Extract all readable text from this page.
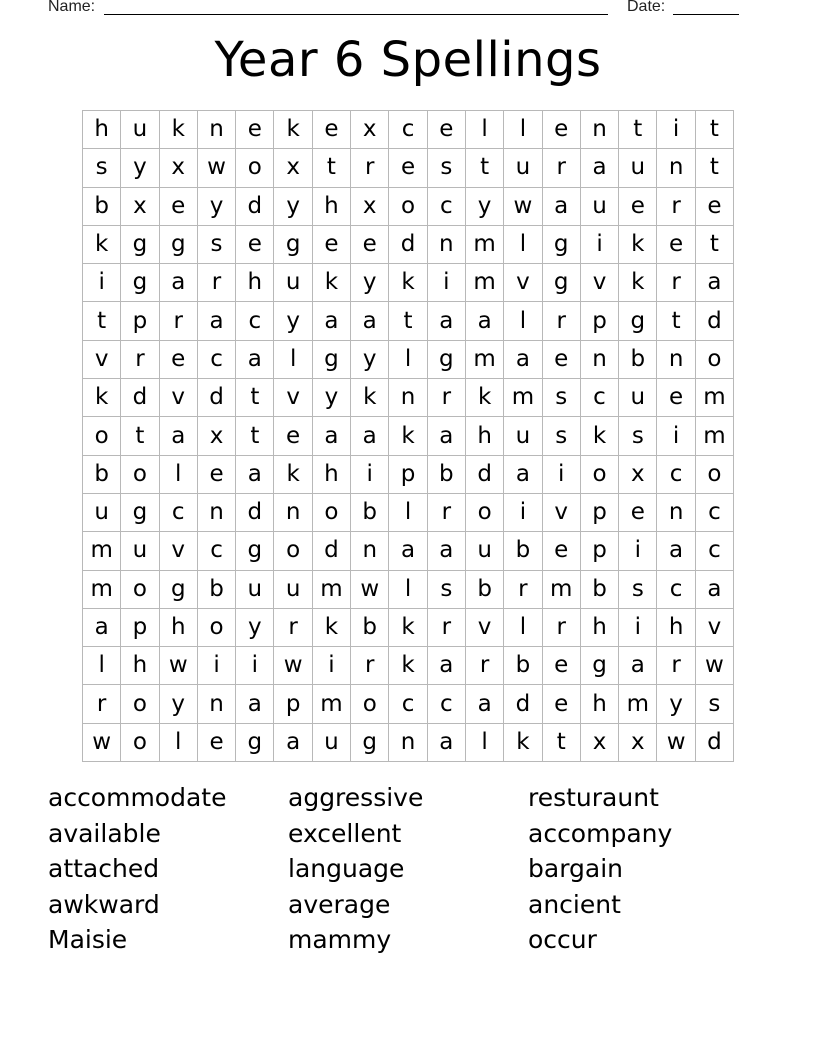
Name:	Date:
Year 6 Spellings
h	u	k	n	e	k	e	x	c	e	l	l	e	n	t	i	t
s	y	x	w	o	x	t	r	e	s	t	u	r	a	u	n	t
b	x	e	y	d	y	h	x	o	c	y	w	a	u	e	r	e
k	g	g	s	e	g	e	e	d	n	m	l	g	i	k	e	t
i	g	a	r	h	u	k	y	k	i	m	v	g	v	k	r	a
t	p	r	a	c	y	a	a	t	a	a	l	r	p	g	t	d
v	r	e	c	a	l	g	y	l	g	m	a	e	n	b	n	o
k	d	v	d	t	v	y	k	n	r	k	m	s	c	u	e	m
o	t	a	x	t	e	a	a	k	a	h	u	s	k	s	i	m
b	o	l	e	a	k	h	i	p	b	d	a	i	o	x	c	o
u	g	c	n	d	n	o	b	l	r	o	i	v	p	e	n	c
m	u	v	c	g	o	d	n	a	a	u	b	e	p	i	a	c
m	o	g	b	u	u	m	w	l	s	b	r	m	b	s	c	a
a	p	h	o	y	r	k	b	k	r	v	l	r	h	i	h	v
l	h	w	i	i	w	i	r	k	a	r	b	e	g	a	r	w
r	o	y	n	a	p	m	o	c	c	a	d	e	h	m	y	s
w	o	l	e	g	a	u	g	n	a	l	k	t	x	x	w	d
accommodate
available
attached
awkward
Maisie
aggressive
excellent
language
average
mammy
resturaunt
accompany
bargain
ancient
occur
